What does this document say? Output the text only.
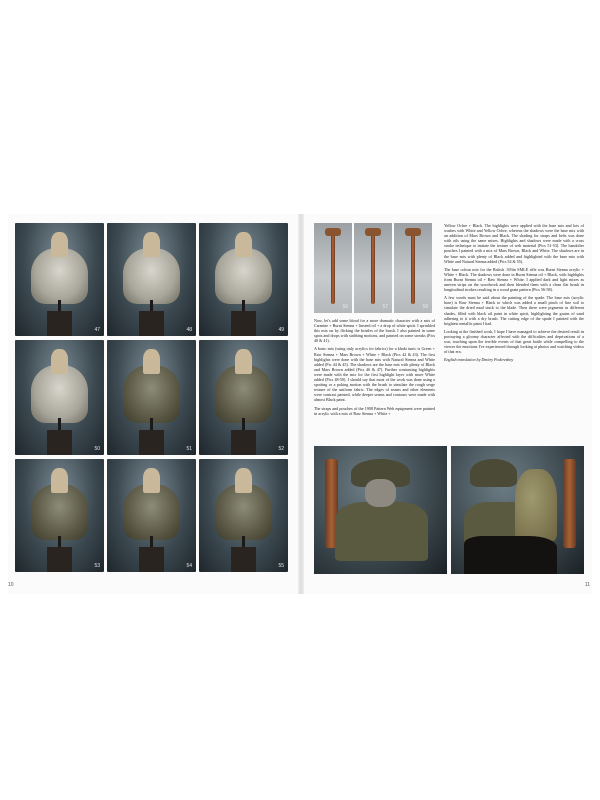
47	48	49
50	51	52
53	54	55
10
56	57	58

Now, let's add some blood for a more dramatic character with a mix of Carmine + Burnt Sienna + linseed oil + a drop of white spirit. I sprinkled this mix on by flicking the bristles of the brush. I also painted in some spots and drops with stabbing motions, and painted on some streaks (Pics 40 & 41).

A basic mix (using only acrylics for fabrics) for a khaki tunic is Green + Raw Sienna + Mars Brown + White + Black (Pics 42 & 43). The first highlights were done with the base mix with Natural Sienna and White added (Pic 44 & 45). The shadows are the base mix with plenty of Black and Mars Brown added (Pics 46 & 47). Further contrasting highlights were made with the mix for the first highlight layer with more White added (Pics 48-50). I should say that most of the work was done using a spotting or a poking motion with the brush to simulate the rough serge texture of the uniform fabric. The edges of seams and other elements were contrast painted, while deeper seams and contours were made with almost Black paint.

The straps and pouches of the 1908 Pattern Web equipment were painted in acrylic with a mix of Raw Sienna + White +

Yellow Ochre + Black. The highlights were applied with the base mix and lots of washes with White and Yellow Ochre, whereas the shadows were the base mix with an addition of Mars Brown and Black. The shading for straps and belts was done with oils using the same mixes. Highlights and shadows were made with a cross stroke technique to imitate the texture of web material (Pics 51-53). The bandolier pouches I painted with a mix of Mars Brown, Black and White. The shadows are in the base mix with plenty of Black added and highlighted with the base mix with White and Natural Sienna added (Pics 54 & 55).

The base colour mix for the British .303in SMLE rifle was Burnt Sienna acrylic + White + Black. The shadows were done in Burnt Sienna oil + Black, with highlights from Burnt Sienna oil + Raw Sienna + White. I applied dark and light mixes as uneven strips on the woodwork and then blended them with a clean flat brush in longitudinal strokes resulting in a wood grain pattern (Pics 56-58).

A few words must be said about the painting of the spade. The base mix (acrylic base) is Raw Sienna + Black to which was added a small pinch of fine soil to simulate the dried mud stuck to the blade. Then there were pigments in different shades, filled with black oil paint in white spirit, highlighting the grains of sand adhering to it with a dry brush. The cutting edge of the spade I painted with the brightest metallic paint I had.

Looking at the finished work, I hope I have managed to achieve the desired result in portraying a gloomy character affected with the difficulties and deprivations of a war, touching upon the terrible events of that great battle while compelling to the viewer the emotions I've experienced through looking at photos and watching videos of that era.

English translation by Dmitry Poderezhny

11
